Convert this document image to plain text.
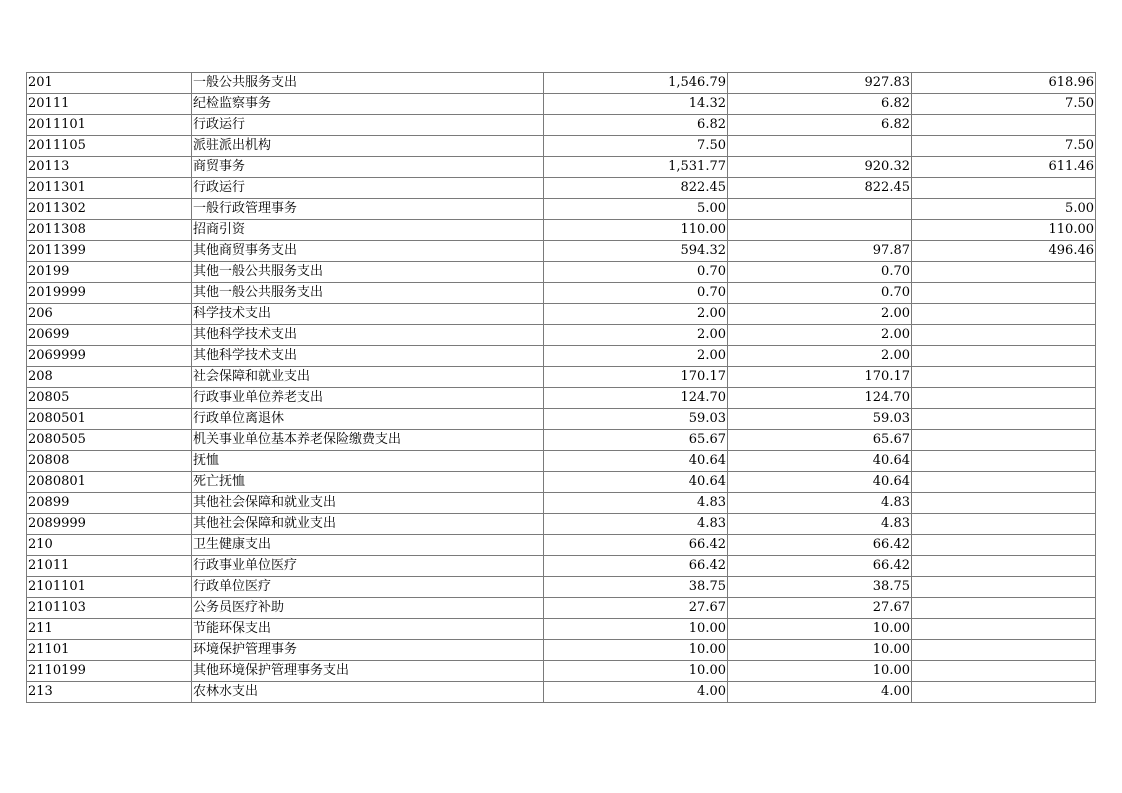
201	一般公共服务支出	1,546.79	927.83	618.96
20111	纪检监察事务	14.32	6.82	7.50
2011101	行政运行	6.82	6.82	
2011105	派驻派出机构	7.50		7.50
20113	商贸事务	1,531.77	920.32	611.46
2011301	行政运行	822.45	822.45	
2011302	一般行政管理事务	5.00		5.00
2011308	招商引资	110.00		110.00
2011399	其他商贸事务支出	594.32	97.87	496.46
20199	其他一般公共服务支出	0.70	0.70	
2019999	其他一般公共服务支出	0.70	0.70	
206	科学技术支出	2.00	2.00	
20699	其他科学技术支出	2.00	2.00	
2069999	其他科学技术支出	2.00	2.00	
208	社会保障和就业支出	170.17	170.17	
20805	行政事业单位养老支出	124.70	124.70	
2080501	行政单位离退休	59.03	59.03	
2080505	机关事业单位基本养老保险缴费支出	65.67	65.67	
20808	抚恤	40.64	40.64	
2080801	死亡抚恤	40.64	40.64	
20899	其他社会保障和就业支出	4.83	4.83	
2089999	其他社会保障和就业支出	4.83	4.83	
210	卫生健康支出	66.42	66.42	
21011	行政事业单位医疗	66.42	66.42	
2101101	行政单位医疗	38.75	38.75	
2101103	公务员医疗补助	27.67	27.67	
211	节能环保支出	10.00	10.00	
21101	环境保护管理事务	10.00	10.00	
2110199	其他环境保护管理事务支出	10.00	10.00	
213	农林水支出	4.00	4.00	
